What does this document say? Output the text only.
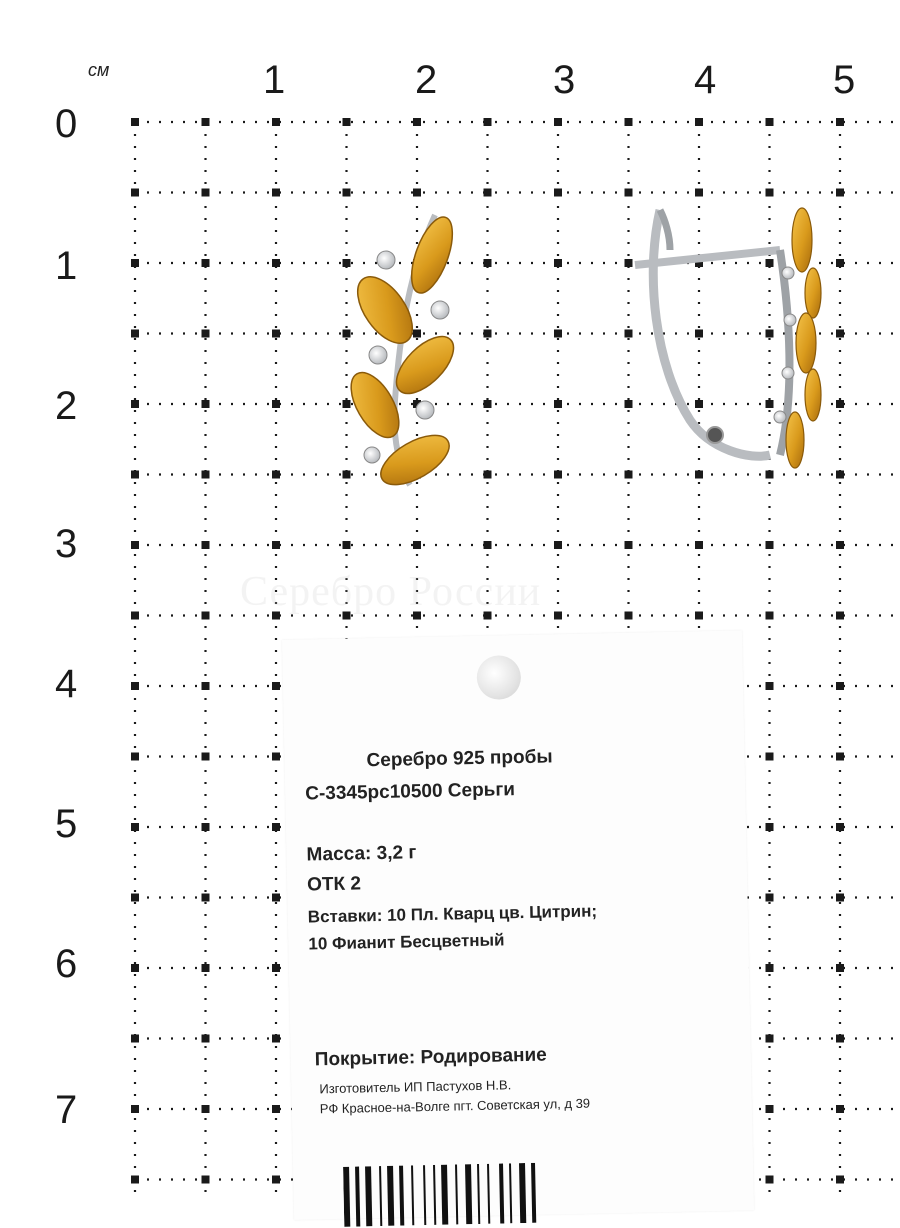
см	1	2	3	4	5
0
1
2
3
4
5
6
7
Серебро России
Серебро 925 пробы
С-3345рс10500 Серьги
Масса: 3,2 г
ОТК 2
Вставки: 10 Пл. Кварц цв. Цитрин;
10 Фианит Бесцветный
Покрытие: Родирование
Изготовитель ИП Пастухов Н.В.
РФ Красное-на-Волге пгт. Советская ул, д 39
